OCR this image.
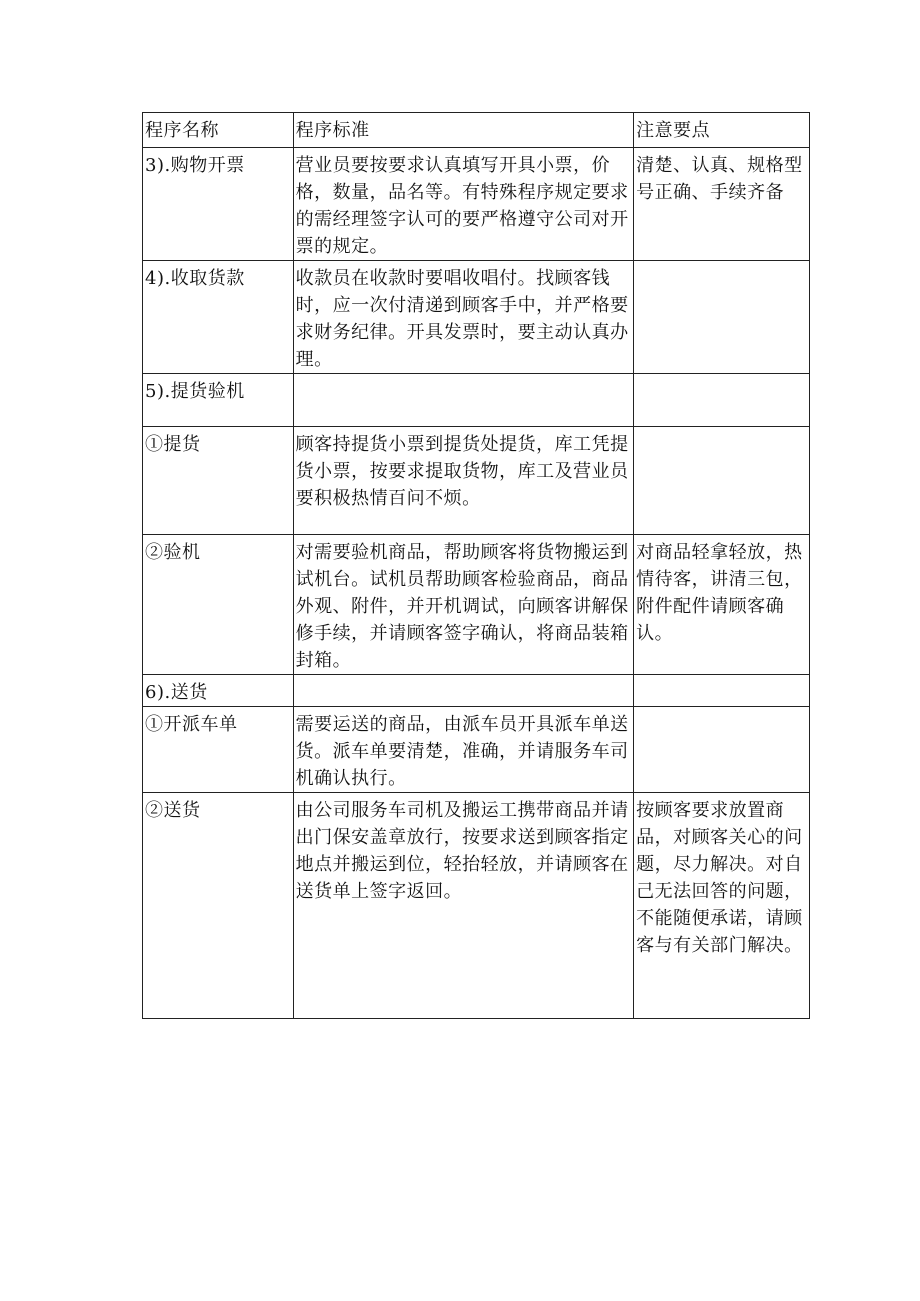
程序名称	程序标准	注意要点
3).购物开票	营业员要按要求认真填写开具小票，价格，数量，品名等。有特殊程序规定要求的需经理签字认可的要严格遵守公司对开票的规定。	清楚、认真、规格型号正确、手续齐备
4).收取货款	收款员在收款时要唱收唱付。找顾客钱时，应一次付清递到顾客手中，并严格要求财务纪律。开具发票时，要主动认真办理。	
5).提货验机		
①提货	顾客持提货小票到提货处提货，库工凭提货小票，按要求提取货物，库工及营业员要积极热情百问不烦。	
②验机	对需要验机商品，帮助顾客将货物搬运到试机台。试机员帮助顾客检验商品，商品外观、附件，并开机调试，向顾客讲解保修手续，并请顾客签字确认，将商品装箱封箱。	对商品轻拿轻放，热情待客，讲清三包，附件配件请顾客确认。
6).送货		
①开派车单	需要运送的商品，由派车员开具派车单送货。派车单要清楚，准确，并请服务车司机确认执行。	
②送货	由公司服务车司机及搬运工携带商品并请出门保安盖章放行，按要求送到顾客指定地点并搬运到位，轻抬轻放，并请顾客在送货单上签字返回。	按顾客要求放置商品，对顾客关心的问题，尽力解决。对自己无法回答的问题，不能随便承诺，请顾客与有关部门解决。
